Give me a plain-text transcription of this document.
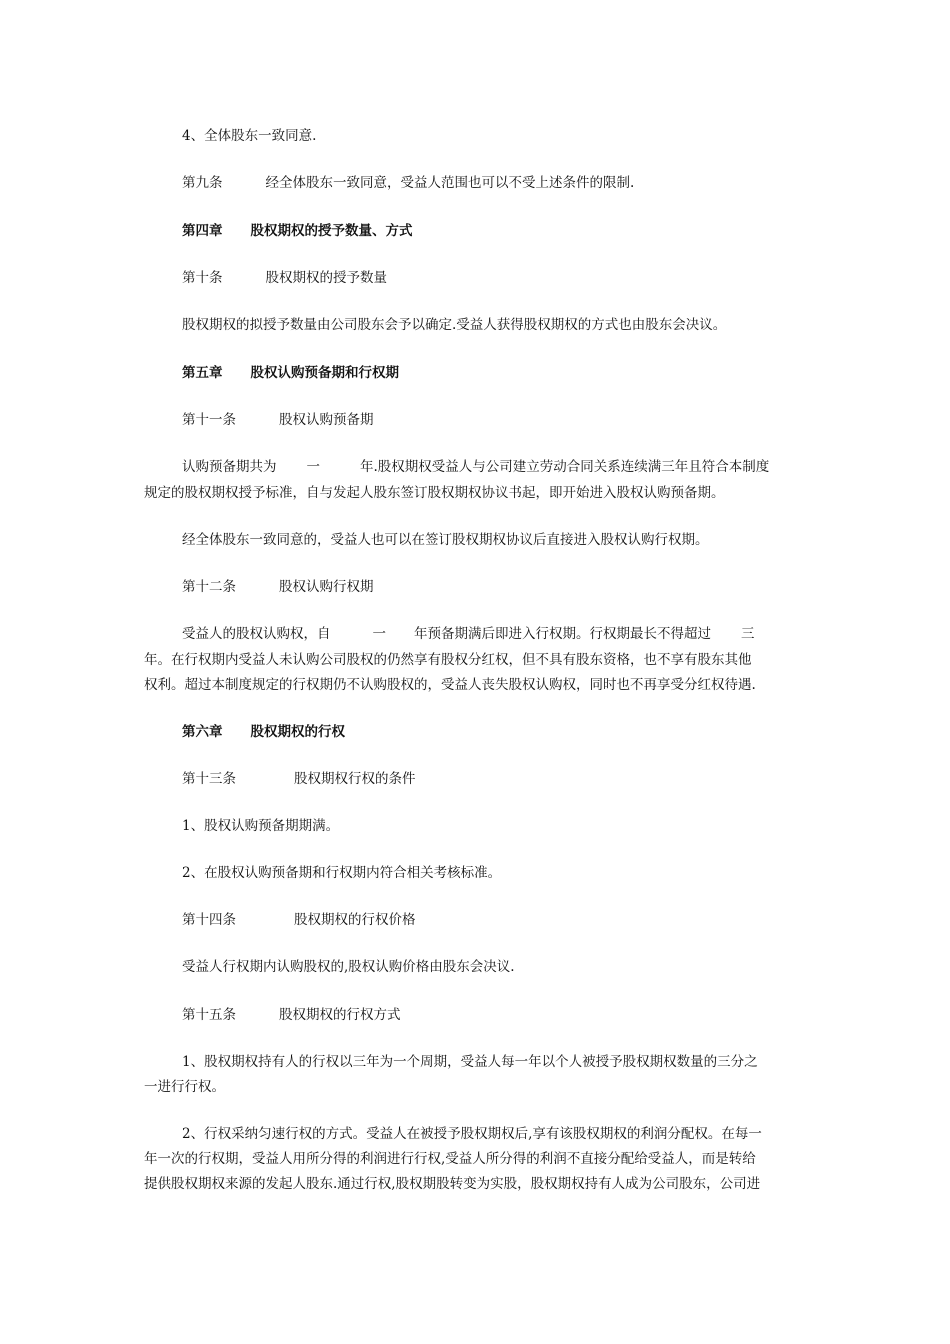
4、全体股东一致同意.
第九条	经全体股东一致同意，受益人范围也可以不受上述条件的限制.
第四章 股权期权的授予数量、方式
第十条	股权期权的授予数量
股权期权的拟授予数量由公司股东会予以确定.受益人获得股权期权的方式也由股东会决议。
第五章 股权认购预备期和行权期
第十一条	股权认购预备期
认购预备期共为 一	年.股权期权受益人与公司建立劳动合同关系连续满三年且符合本制度
规定的股权期权授予标准，自与发起人股东签订股权期权协议书起，即开始进入股权认购预备期。
经全体股东一致同意的，受益人也可以在签订股权期权协议后直接进入股权认购行权期。
第十二条	股权认购行权期
受益人的股权认购权，自	一 年预备期满后即进入行权期。行权期最长不得超过 三
年。在行权期内受益人未认购公司股权的仍然享有股权分红权，但不具有股东资格，也不享有股东其他
权利。超过本制度规定的行权期仍不认购股权的，受益人丧失股权认购权，同时也不再享受分红权待遇.
第六章 股权期权的行权
第十三条	股权期权行权的条件
1、股权认购预备期期满。
2、在股权认购预备期和行权期内符合相关考核标准。
第十四条	股权期权的行权价格
受益人行权期内认购股权的,股权认购价格由股东会决议.
第十五条	股权期权的行权方式
1、股权期权持有人的行权以三年为一个周期，受益人每一年以个人被授予股权期权数量的三分之
一进行行权。
2、行权采纳匀速行权的方式。受益人在被授予股权期权后,享有该股权期权的利润分配权。在每一
年一次的行权期，受益人用所分得的利润进行行权,受益人所分得的利润不直接分配给受益人，而是转给
提供股权期权来源的发起人股东.通过行权,股权期股转变为实股，股权期权持有人成为公司股东，公司进
